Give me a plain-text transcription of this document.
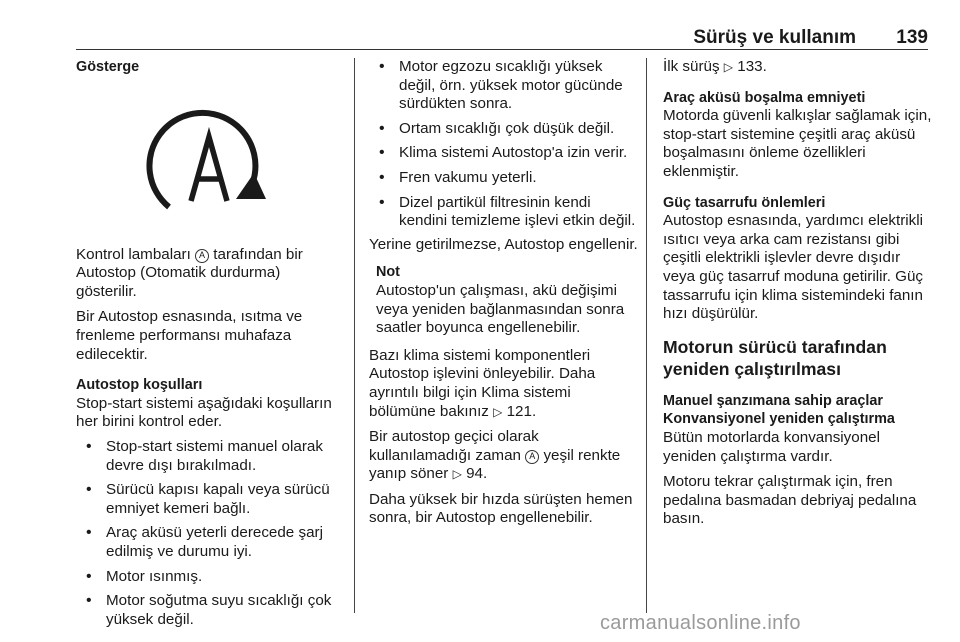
Sürüş ve kullanım 139
Gösterge

Kontrol lambaları A tarafından bir Autostop (Otomatik durdurma) gösterilir.

Bir Autostop esnasında, ısıtma ve frenleme performansı muhafaza edilecektir.

Autostop koşulları

Stop-start sistemi aşağıdaki koşulların her birini kontrol eder.

• Stop-start sistemi manuel olarak devre dışı bırakılmadı.
• Sürücü kapısı kapalı veya sürücü emniyet kemeri bağlı.
• Araç aküsü yeterli derecede şarj edilmiş ve durumu iyi.
• Motor ısınmış.
• Motor soğutma suyu sıcaklığı çok yüksek değil.
• Motor egzozu sıcaklığı yüksek değil, örn. yüksek motor gücünde sürdükten sonra.
• Ortam sıcaklığı çok düşük değil.
• Klima sistemi Autostop'a izin verir.
• Fren vakumu yeterli.
• Dizel partikül filtresinin kendi kendini temizleme işlevi etkin değil.

Yerine getirilmezse, Autostop engellenir.

Not

Autostop'un çalışması, akü değişimi veya yeniden bağlanmasından sonra saatler boyunca engellenebilir.

Bazı klima sistemi komponentleri Autostop işlevini önleyebilir. Daha ayrıntılı bilgi için Klima sistemi bölümüne bakınız ▷ 121.

Bir autostop geçici olarak kullanılamadığı zaman A yeşil renkte yanıp söner ▷ 94.

Daha yüksek bir hızda sürüşten hemen sonra, bir Autostop engellenebilir.

İlk sürüş ▷ 133.

Araç aküsü boşalma emniyeti

Motorda güvenli kalkışlar sağlamak için, stop-start sistemine çeşitli araç aküsü boşalmasını önleme özellikleri eklenmiştir.

Güç tasarrufu önlemleri

Autostop esnasında, yardımcı elektrikli ısıtıcı veya arka cam rezistansı gibi çeşitli elektrikli işlevler devre dışıdır veya güç tasarruf moduna getirilir. Güç tassarrufu için klima sistemindeki fanın hızı düşürülür.

Motorun sürücü tarafından yeniden çalıştırılması
Manuel şanzımana sahip araçlar
Konvansiyonel yeniden çalıştırma

Bütün motorlarda konvansiyonel yeniden çalıştırma vardır.

Motoru tekrar çalıştırmak için, fren pedalına basmadan debriyaj pedalına basın.

carmanualsonline.info
